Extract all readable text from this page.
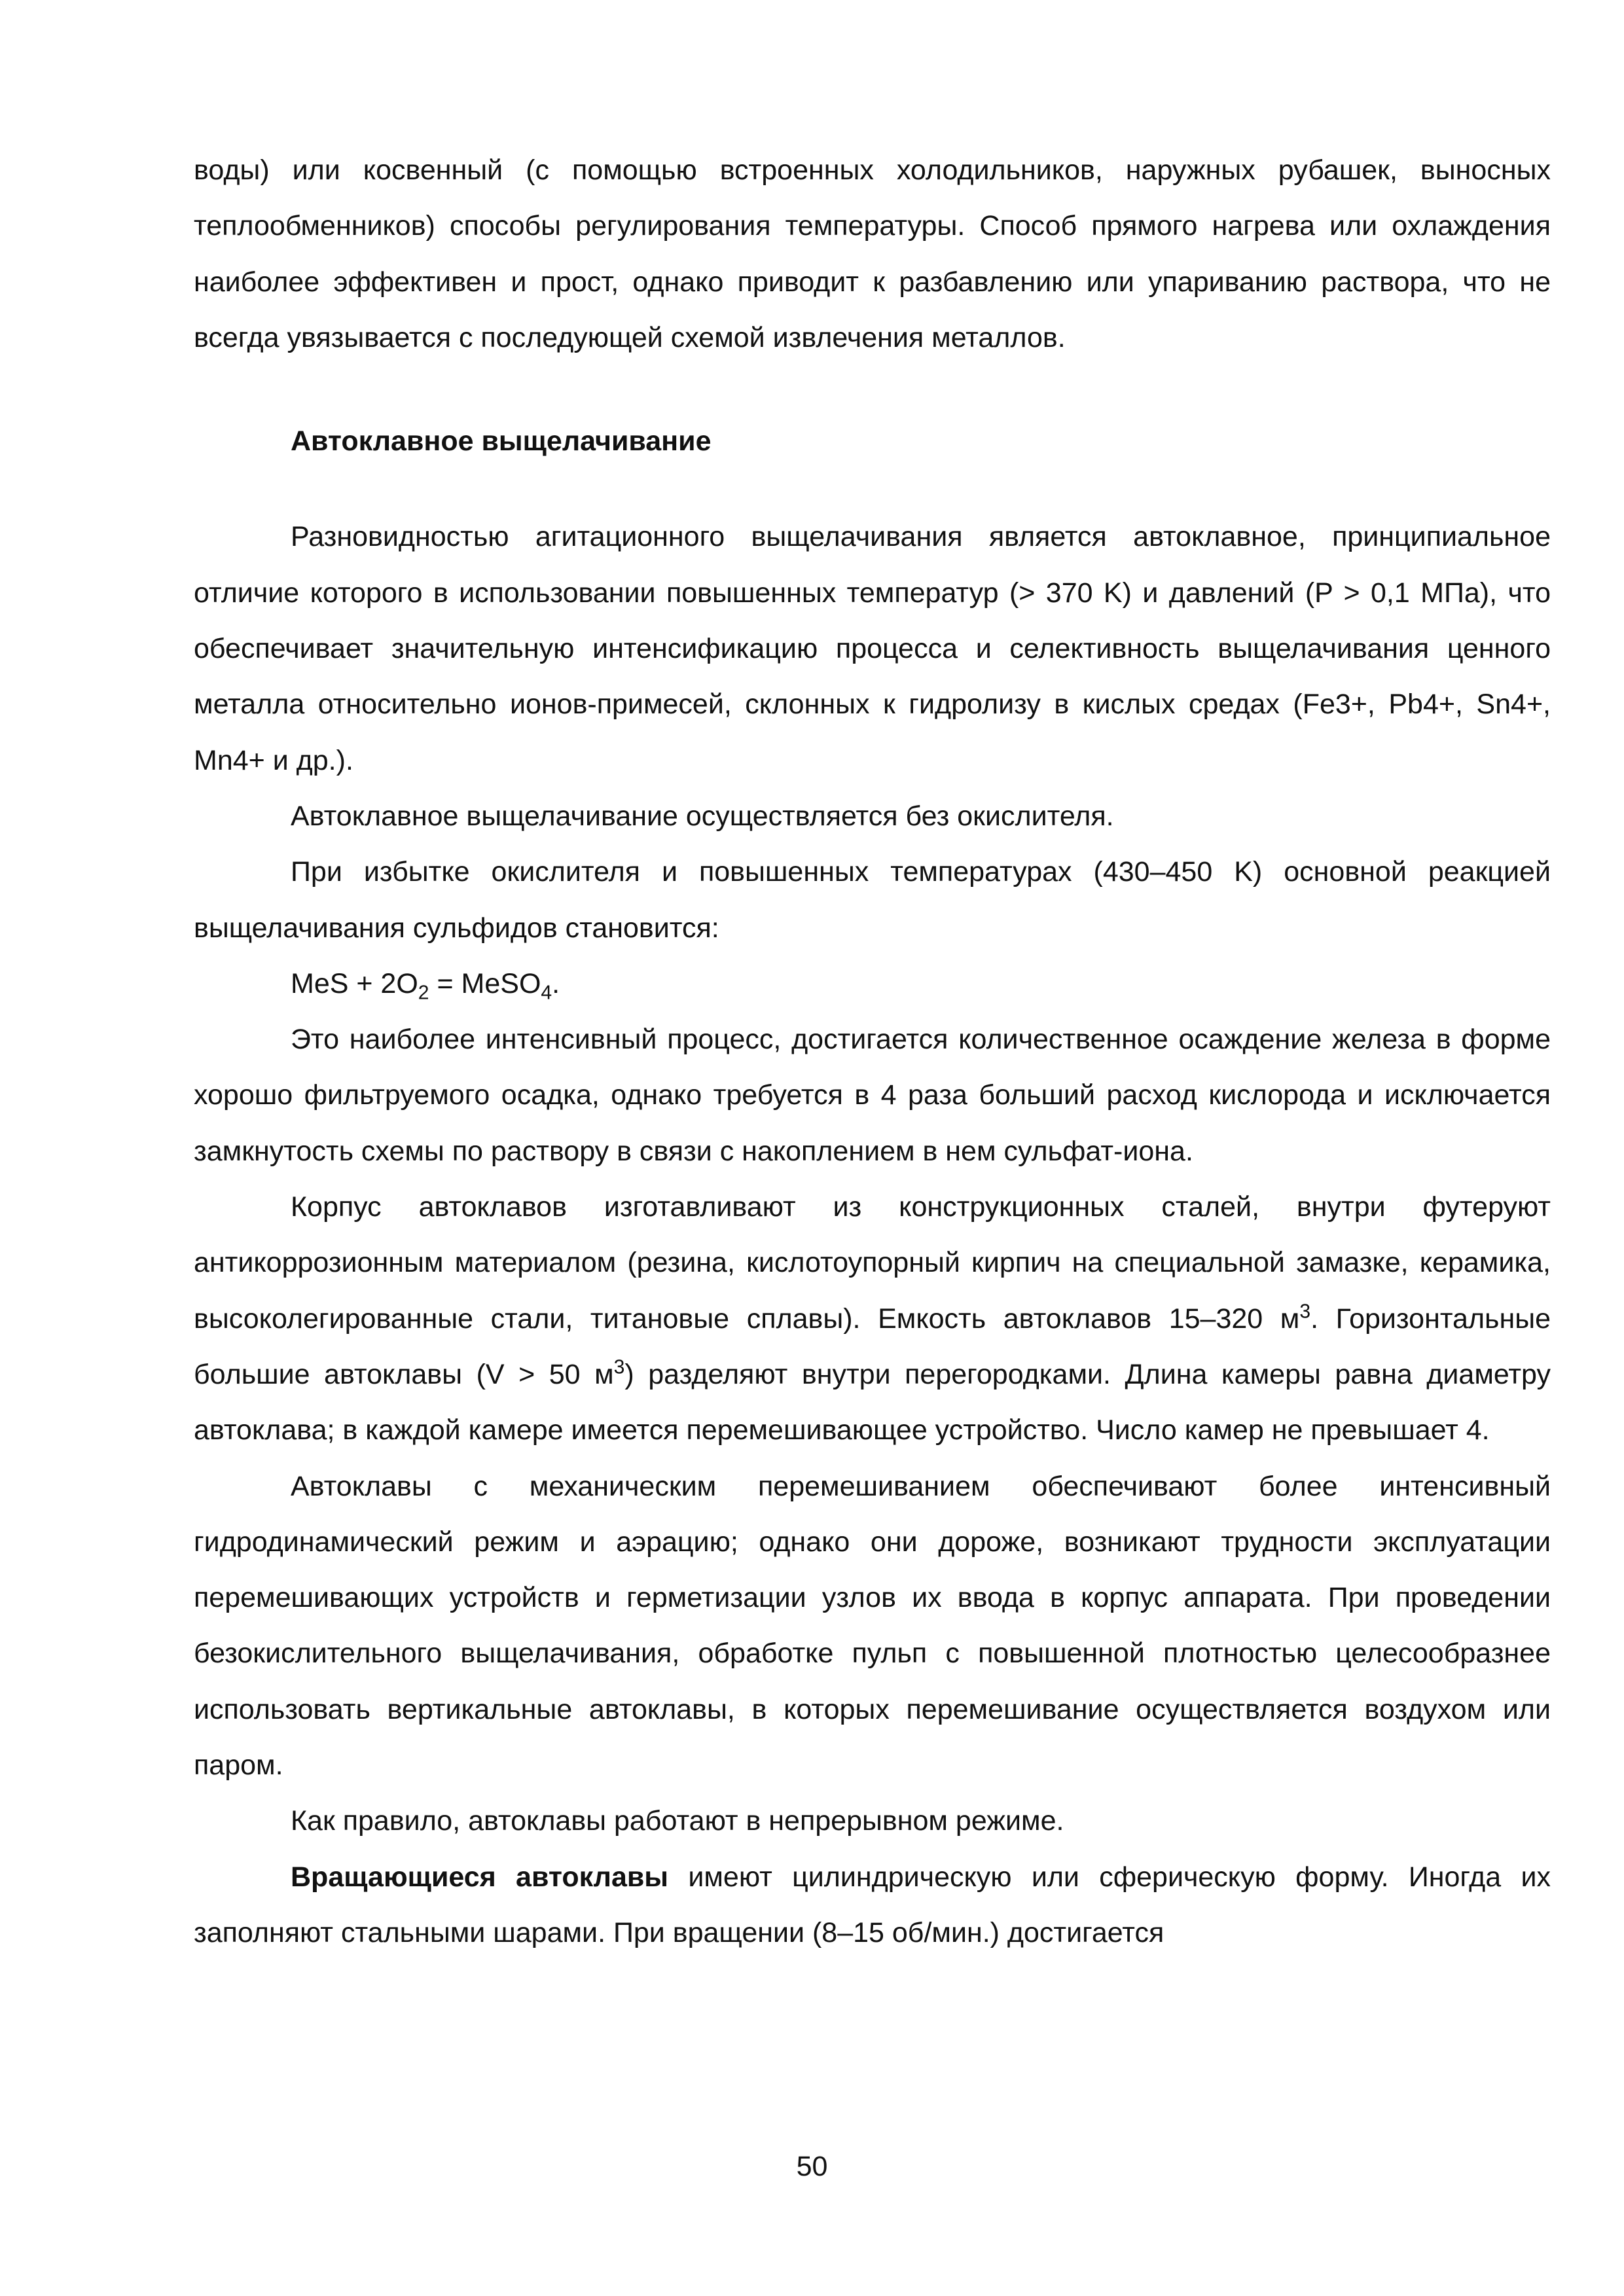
воды) или косвенный (с помощью встроенных холодильников, наружных рубашек, выносных теплообменников) способы регулирования температуры. Способ прямого нагрева или охлаждения наиболее эффективен и прост, однако приводит к разбавлению или упариванию раствора, что не всегда увязывается с последующей схемой извлечения металлов.

Автоклавное выщелачивание

Разновидностью агитационного выщелачивания является автоклавное, принципиальное отличие которого в использовании повышенных температур (> 370 K) и давлений (P > 0,1 МПа), что обеспечивает значительную интенсификацию процесса и селективность выщелачивания ценного металла относительно ионов-примесей, склонных к гидролизу в кислых средах (Fe3+, Pb4+, Sn4+, Mn4+ и др.).

Автоклавное выщелачивание осуществляется без окислителя.

При избытке окислителя и повышенных температурах (430–450 K) основной реакцией выщелачивания сульфидов становится:

MeS + $2O_2$ = MeSO$_4$.

Это наиболее интенсивный процесс, достигается количественное осаждение железа в форме хорошо фильтруемого осадка, однако требуется в 4 раза больший расход кислорода и исключается замкнутость схемы по раствору в связи с накоплением в нем сульфат-иона.

Корпус автоклавов изготавливают из конструкционных сталей, внутри футеруют антикоррозионным материалом (резина, кислотоупорный кирпич на специальной замазке, керамика, высоколегированные стали, титановые сплавы). Емкость автоклавов 15–320 $м^3$. Горизонтальные большие автоклавы (V > 50 $м^3$) разделяют внутри перегородками. Длина камеры равна диаметру автоклава; в каждой камере имеется перемешивающее устройство. Число камер не превышает 4.

Автоклавы с механическим перемешиванием обеспечивают более интенсивный гидродинамический режим и аэрацию; однако они дороже, возникают трудности эксплуатации перемешивающих устройств и герметизации узлов их ввода в корпус аппарата. При проведении безокислительного выщелачивания, обработке пульп с повышенной плотностью целесообразнее использовать вертикальные автоклавы, в которых перемешивание осуществляется воздухом или паром.

Как правило, автоклавы работают в непрерывном режиме.

Вращающиеся автоклавы имеют цилиндрическую или сферическую форму. Иногда их заполняют стальными шарами. При вращении (8–15 об/мин.) достигается

50
